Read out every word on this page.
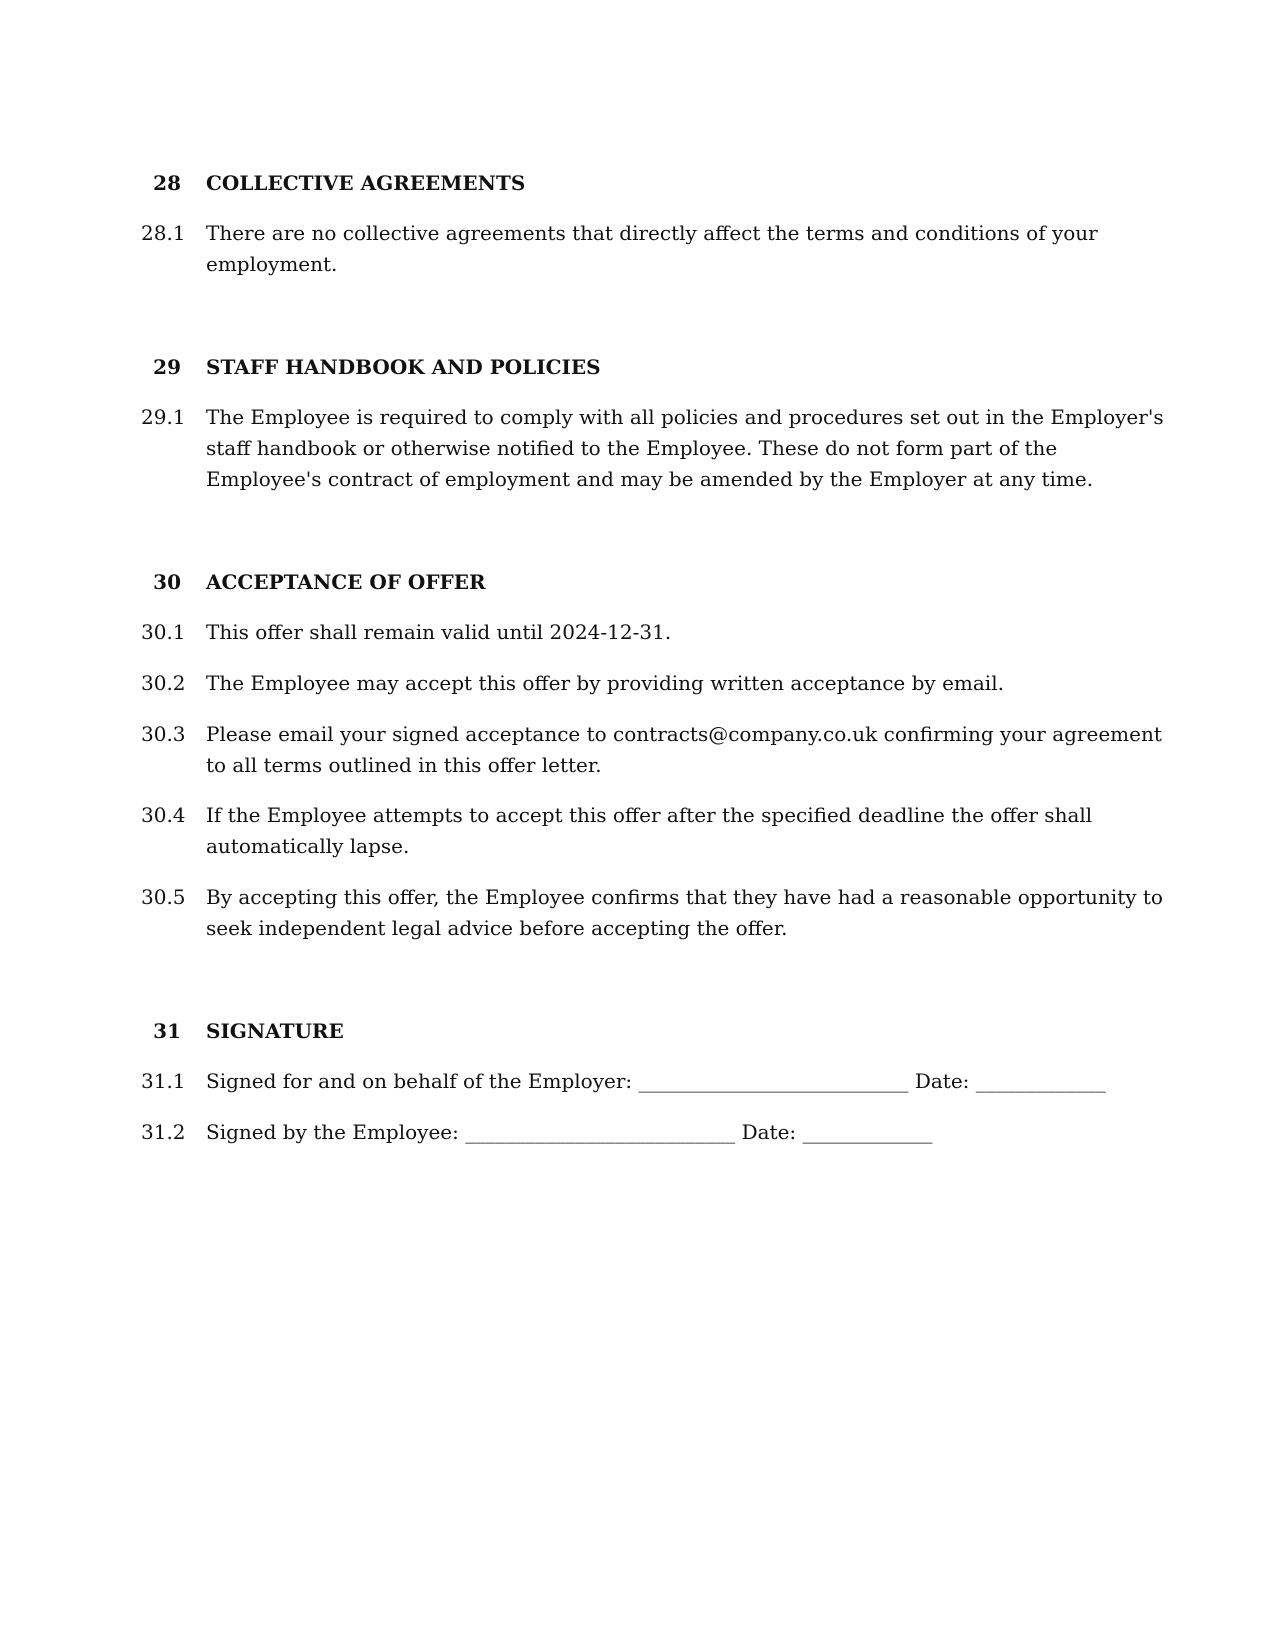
28 COLLECTIVE AGREEMENTS
28.1 There are no collective agreements that directly affect the terms and conditions of your
employment.
29 STAFF HANDBOOK AND POLICIES
29.1 The Employee is required to comply with all policies and procedures set out in the Employer's
staff handbook or otherwise notified to the Employee. These do not form part of the
Employee's contract of employment and may be amended by the Employer at any time.
30 ACCEPTANCE OF OFFER
30.1 This offer shall remain valid until 2024-12-31.
30.2 The Employee may accept this offer by providing written acceptance by email.
30.3 Please email your signed acceptance to contracts@company.co.uk confirming your agreement
to all terms outlined in this offer letter.
30.4 If the Employee attempts to accept this offer after the specified deadline the offer shall
automatically lapse.
30.5 By accepting this offer, the Employee confirms that they have had a reasonable opportunity to
seek independent legal advice before accepting the offer.
31 SIGNATURE
31.1 Signed for and on behalf of the Employer: ___________________________ Date: _____________
31.2 Signed by the Employee: ___________________________ Date: _____________
